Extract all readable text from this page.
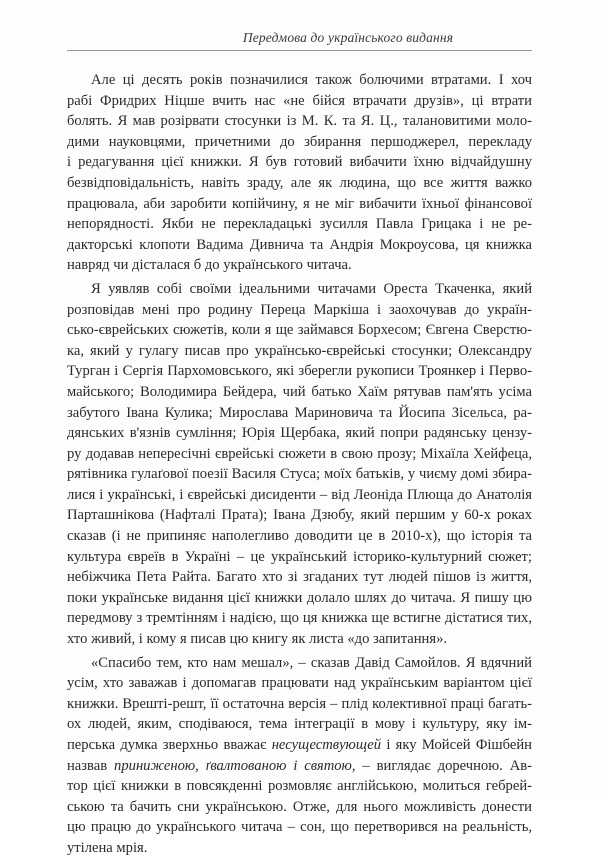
Передмова до українського видання
Але ці десять років позначилися також болючими втратами. І хоч
рабі Фридрих Ніцше вчить нас «не бійся втрачати друзів», ці втрати
болять. Я мав розірвати стосунки із М. К. та Я. Ц., талановитими моло-
дими науковцями, причетними до збирання першоджерел, перекладу
і редагування цієї книжки. Я був готовий вибачити їхню відчайдушну
безвідповідальність, навіть зраду, але як людина, що все життя важко
працювала, аби заробити копійчину, я не міг вибачити їхньої фінансової
непорядності. Якби не перекладацькі зусилля Павла Грицака і не ре-
дакторські клопоти Вадима Дивнича та Андрія Мокроусова, ця книжка
навряд чи дісталася б до українського читача.
Я уявляв собі своїми ідеальними читачами Ореста Ткаченка, який
розповідав мені про родину Переца Маркіша і заохочував до україн-
сько-єврейських сюжетів, коли я ще займався Борхесом; Євгена Сверстю-
ка, який у гулагу писав про українсько-єврейські стосунки; Олександру
Турган і Сергія Пархомовського, які зберегли рукописи Троянкер і Перво-
майського; Володимира Бейдера, чий батько Хаїм рятував пам'ять усіма
забутого Івана Кулика; Мирослава Мариновича та Йосипа Зісельса, ра-
дянських в'язнів сумління; Юрія Щербака, який попри радянську цензу-
ру додавав непересічні єврейські сюжети в свою прозу; Міхаїла Хейфеца,
рятівника гулаґової поезії Василя Стуса; моїх батьків, у чиєму домі збира-
лися і українські, і єврейські дисиденти – від Леоніда Плюща до Анатолія
Парташнікова (Нафталі Прата); Івана Дзюбу, який першим у 60-х роках
сказав (і не припиняє наполегливо доводити це в 2010-х), що історія та
культура євреїв в Україні – це український історико-культурний сюжет;
небіжчика Пета Райта. Багато хто зі згаданих тут людей пішов із життя,
поки українське видання цієї книжки долало шлях до читача. Я пишу цю
передмову з тремтінням і надією, що ця книжка ще встигне дістатися тих,
хто живий, і кому я писав цю книгу як листа «до запитання».
«Спасибо тем, кто нам мешал», – сказав Давід Самойлов. Я вдячний
усім, хто заважав і допомагав працювати над українським варіантом цієї
книжки. Врешті-решт, її остаточна версія – плід колективної праці багать-
ох людей, яким, сподіваюся, тема інтеграції в мову і культуру, яку ім-
перська думка зверхньо вважає несуществующей і яку Мойсей Фішбейн
назвав приниженою, ґвалтованою і святою, – виглядає доречною. Ав-
тор цієї книжки в повсякденні розмовляє англійською, молиться гебрей-
ською та бачить сни українською. Отже, для нього можливість донести
цю працю до українського читача – сон, що перетворився на реальність,
утілена мрія.
